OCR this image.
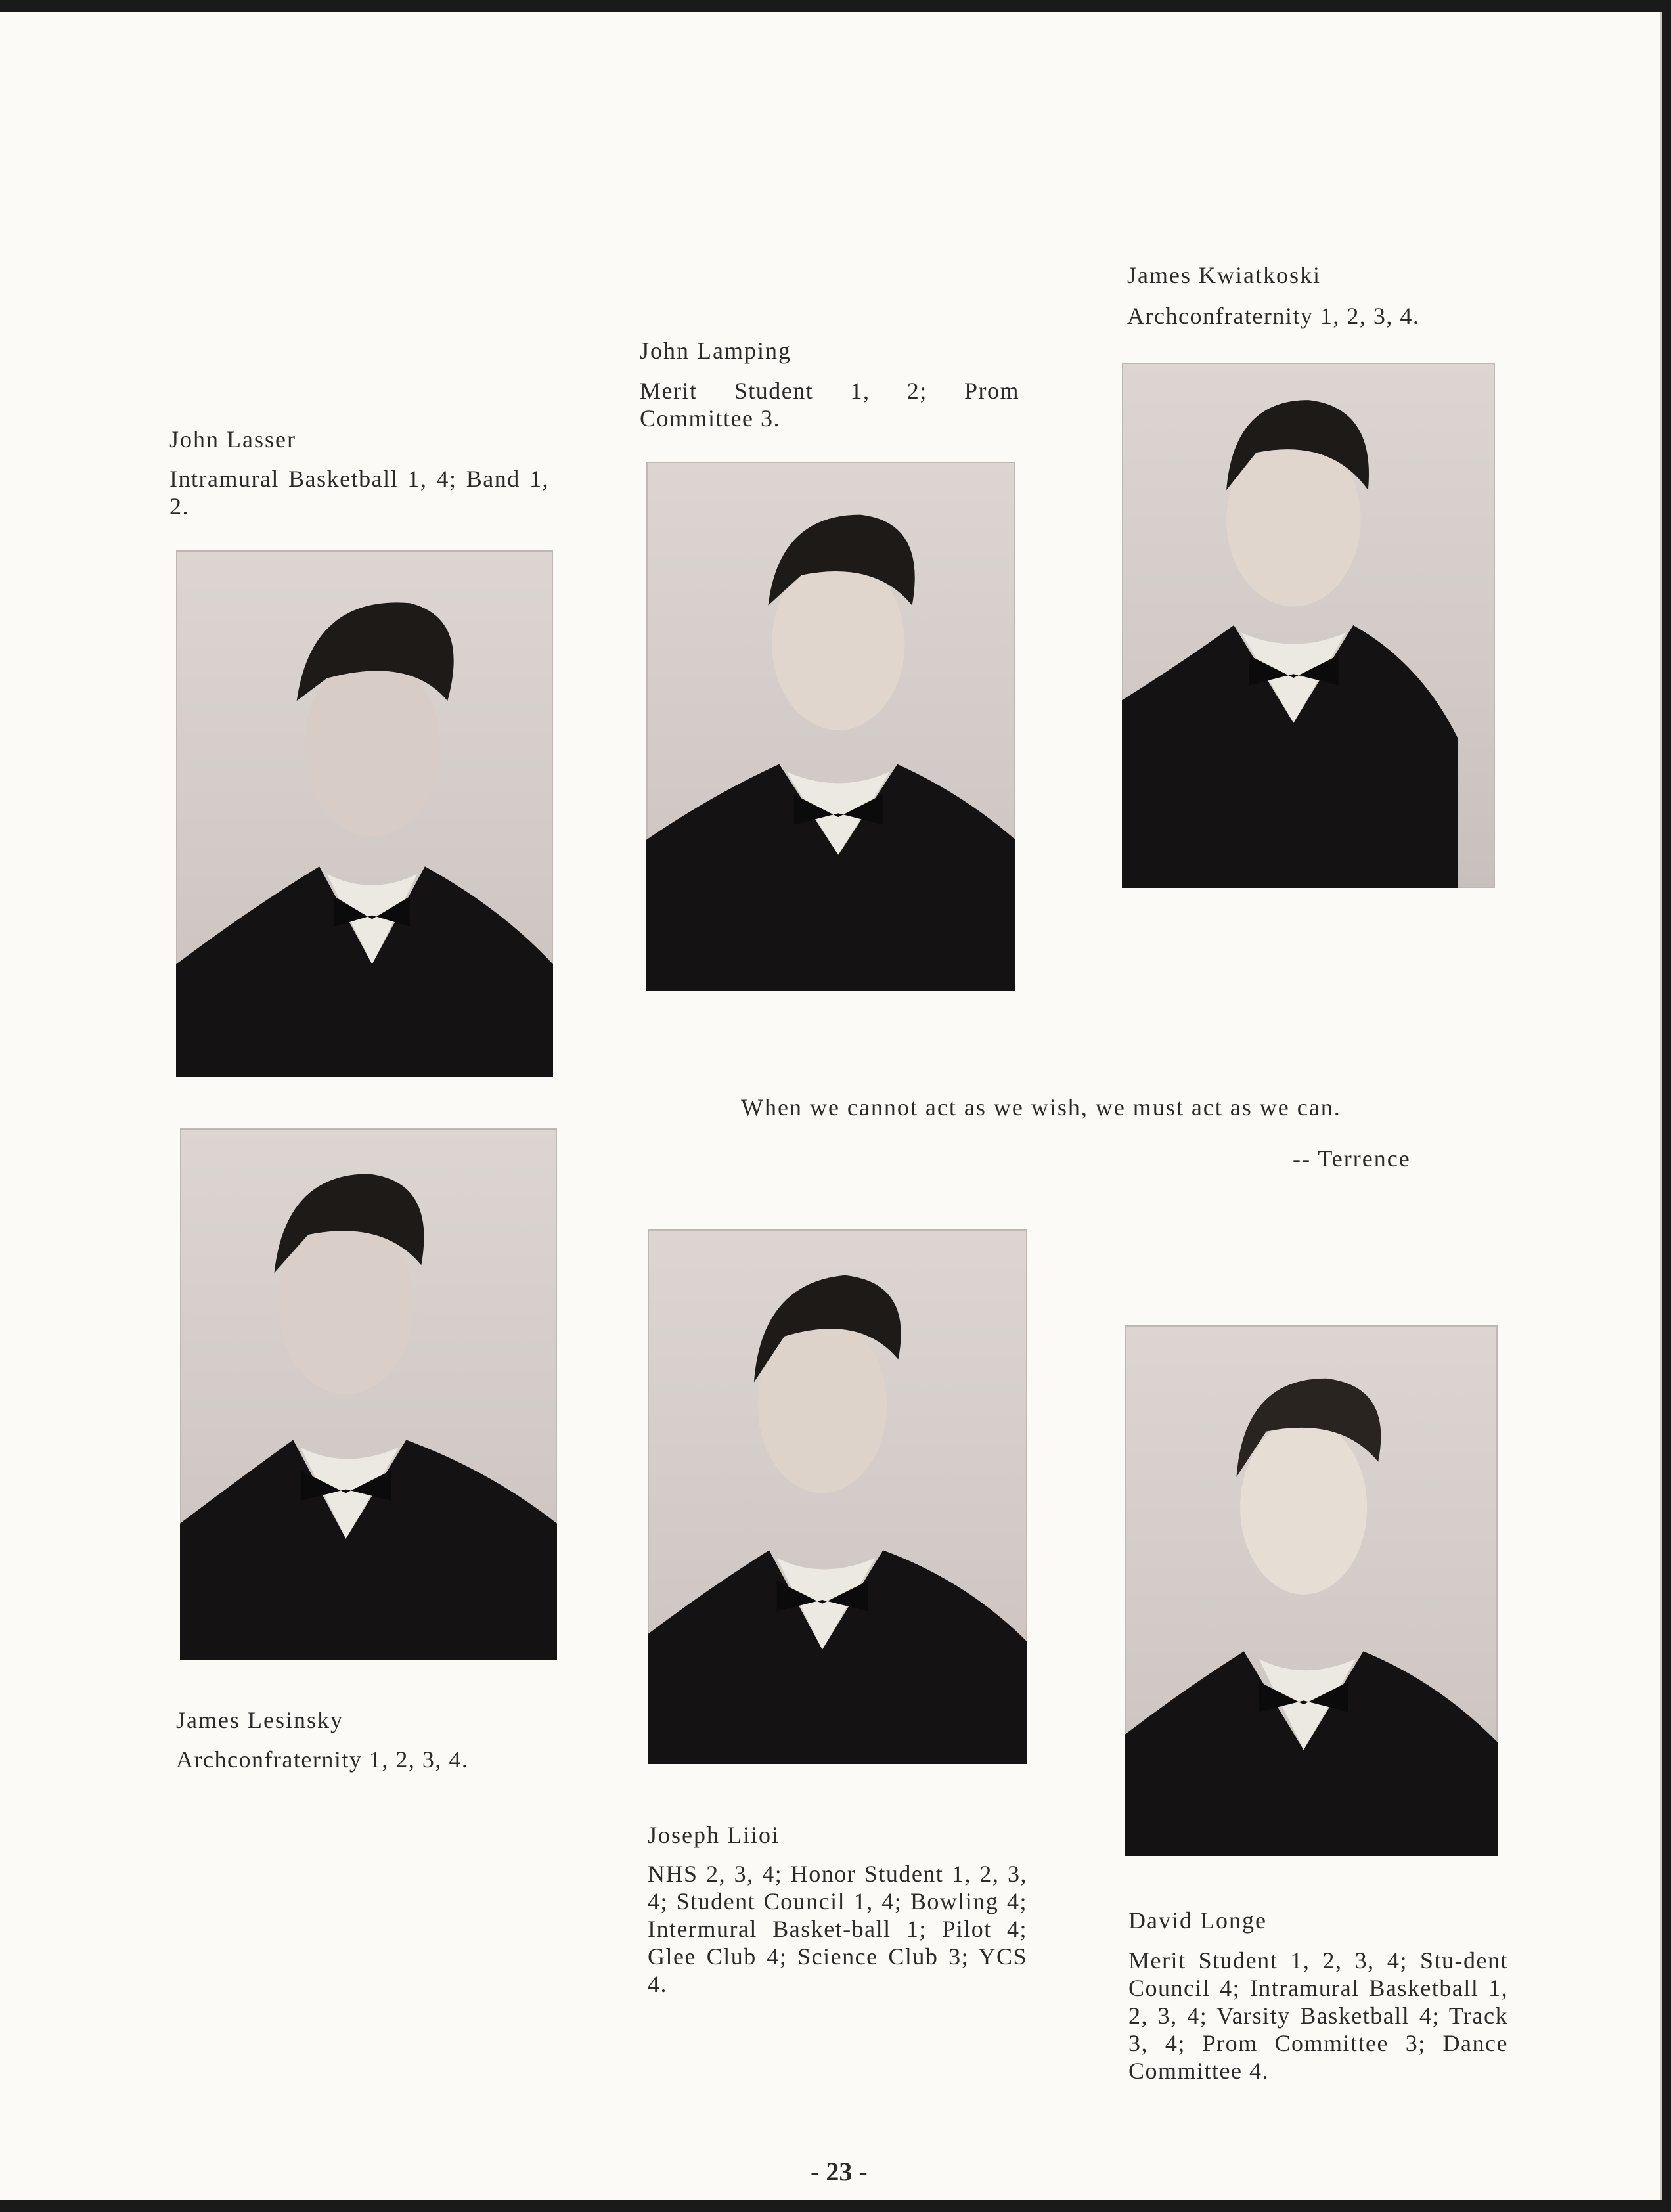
John Lasser

Intramural Basketball 1, 4; Band 1, 2.

John Lamping

Merit Student 1, 2; Prom Committee 3.

James Kwiatkoski

Archconfraternity 1, 2, 3, 4.

When we cannot act as we wish, we must act as we can.
-- Terrence

James Lesinsky

Archconfraternity 1, 2, 3, 4.

Joseph Liioi

NHS 2, 3, 4; Honor Student 1, 2, 3, 4; Student Council 1, 4; Bowling 4; Intermural Basket-ball 1; Pilot 4; Glee Club 4; Science Club 3; YCS 4.

David Longe

Merit Student 1, 2, 3, 4; Stu-dent Council 4; Intramural Basketball 1, 2, 3, 4; Varsity Basketball 4; Track 3, 4; Prom Committee 3; Dance Committee 4.

- 23 -
